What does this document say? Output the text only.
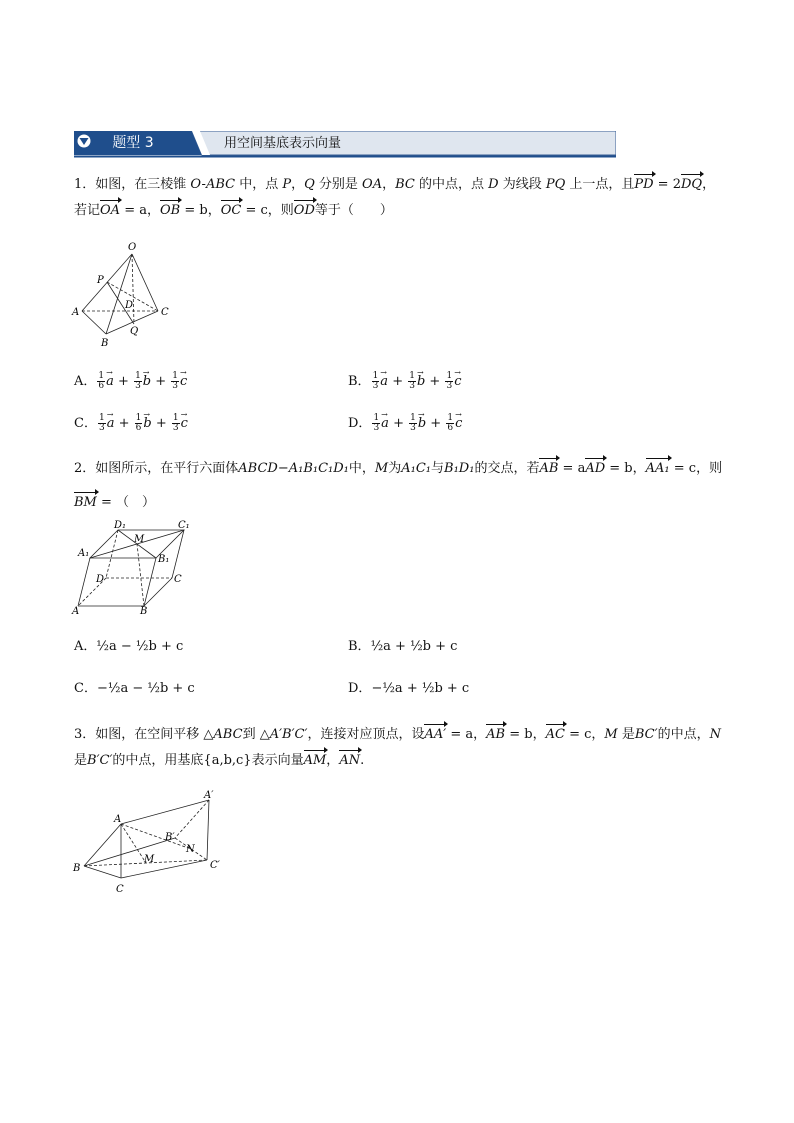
题型 3	用空间基底表示向量
1．如图，在三棱锥 O-ABC 中，点 P，Q 分别是 OA，BC 的中点，点 D 为线段 PQ 上一点，且PD = 2DQ，
若记OA = a，OB = b，OC = c，则OD等于（　　）
O
P
D
A	C
Q
B
A． $\frac{1}{6}$
→ $a + \frac{1}{3}$
→ $b + \frac{1}{3}$
→ c	B． $\frac{1}{3}$
→ $a + \frac{1}{3}$
→ $b + \frac{1}{3}$
→ c
C． $\frac{1}{3}$
→ $a + \frac{1}{6}$
→ $b + \frac{1}{3}$
→ c	D． $\frac{1}{3}$
→ $a + \frac{1}{3}$
→ $b + \frac{1}{6}$
→ c
2．如图所示，在平行六面体ABCD−A₁B₁C₁D₁中，M为A₁C₁与B₁D₁的交点，若AB = aAD = b，AA₁ = c，则
BM = （　）
D₁	C₁
A₁
M
B₁
D	C
A	B
A．½a − ½b + c	B．½a + ½b + c
C．−½a − ½b + c	D．−½a + ½b + c
3．如图，在空间平移 △ABC到 △A′B′C′，连接对应顶点，设AA′ = a，AB = b，AC = c，M 是BC′的中点，N
是B′C′的中点，用基底{a,b,c}表示向量AM，AN.
A′
A
B′
N
M
B	C′
C
